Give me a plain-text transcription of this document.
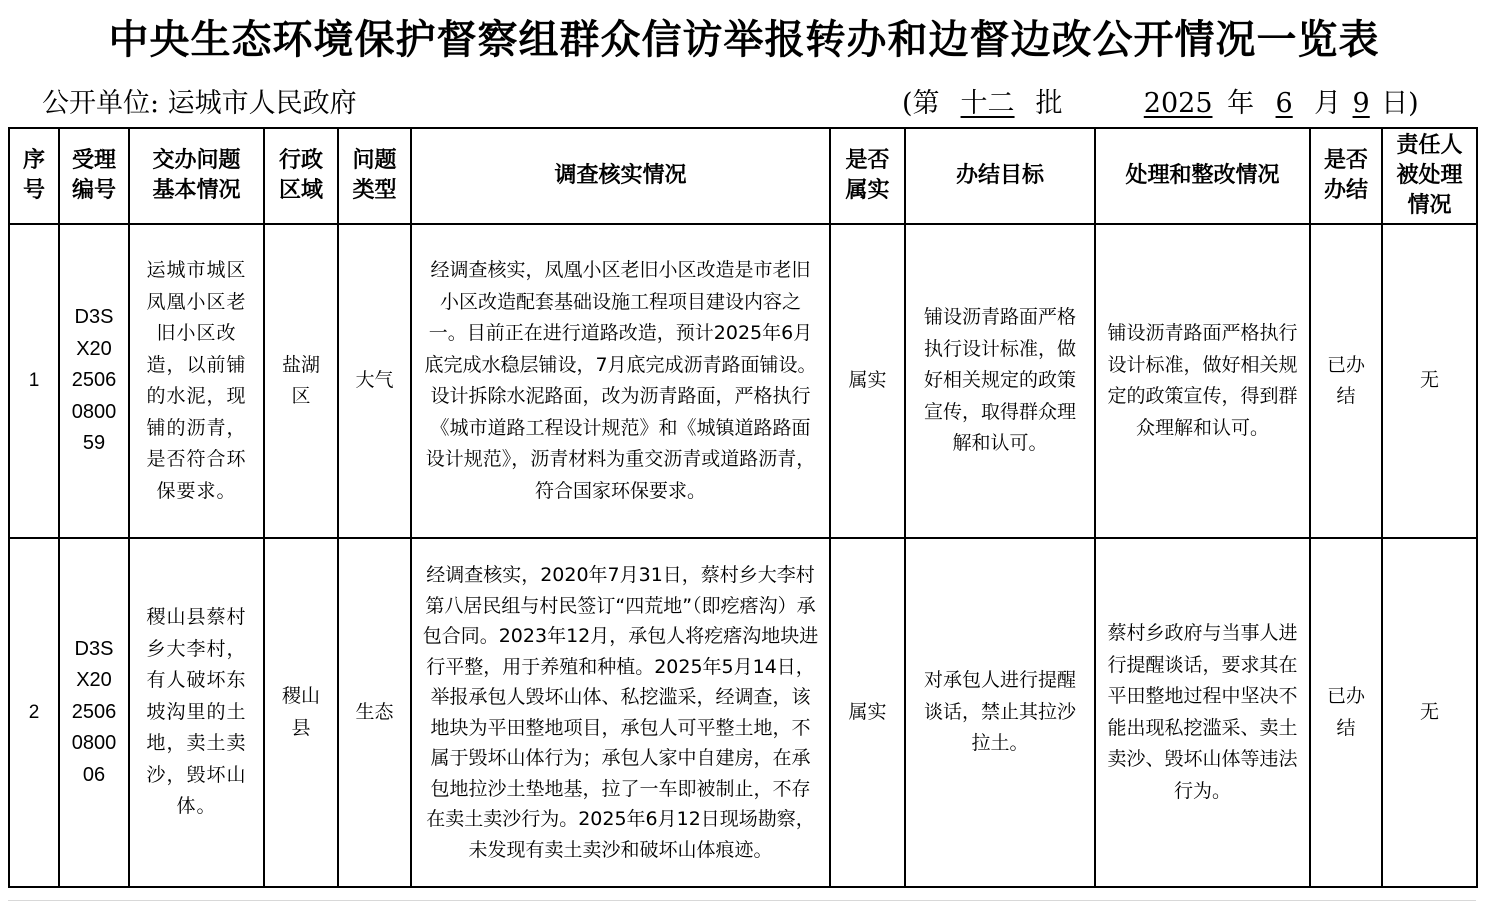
中央生态环境保护督察组群众信访举报转办和边督边改公开情况一览表
公开单位: 运城市人民政府	(第 十二 批	2025 年 6 月 9 日)
序号	受理编号	交办问题基本情况	行政区域	问题类型	调查核实情况	是否属实	办结目标	处理和整改情况	是否办结	责任人被处理情况

1	D3SX202506080059	运城市城区凤凰小区老旧小区改造，以前铺的水泥，现铺的沥青，是否符合环保要求。	盐湖区	大气	经调查核实，凤凰小区老旧小区改造是市老旧小区改造配套基础设施工程项目建设内容之一。目前正在进行道路改造，预计2025年6月底完成水稳层铺设，7月底完成沥青路面铺设。设计拆除水泥路面，改为沥青路面，严格执行《城市道路工程设计规范》和《城镇道路路面设计规范》，沥青材料为重交沥青或道路沥青，符合国家环保要求。	属实	铺设沥青路面严格执行设计标准，做好相关规定的政策宣传，取得群众理解和认可。	铺设沥青路面严格执行设计标准，做好相关规定的政策宣传，得到群众理解和认可。	已办结	无
2	D3SX202506080006	稷山县蔡村乡大李村，有人破坏东坡沟里的土地，卖土卖沙，毁坏山体。	稷山县	生态	经调查核实，2020年7月31日，蔡村乡大李村第八居民组与村民签订“四荒地”（即疙瘩沟）承包合同。2023年12月，承包人将疙瘩沟地块进行平整，用于养殖和种植。2025年5月14日，举报承包人毁坏山体、私挖滥采，经调查，该地块为平田整地项目，承包人可平整土地，不属于毁坏山体行为；承包人家中自建房，在承包地拉沙土垫地基，拉了一车即被制止，不存在卖土卖沙行为。2025年6月12日现场勘察，未发现有卖土卖沙和破坏山体痕迹。	属实	对承包人进行提醒谈话，禁止其拉沙拉土。	蔡村乡政府与当事人进行提醒谈话，要求其在平田整地过程中坚决不能出现私挖滥采、卖土卖沙、毁坏山体等违法行为。	已办结	无
